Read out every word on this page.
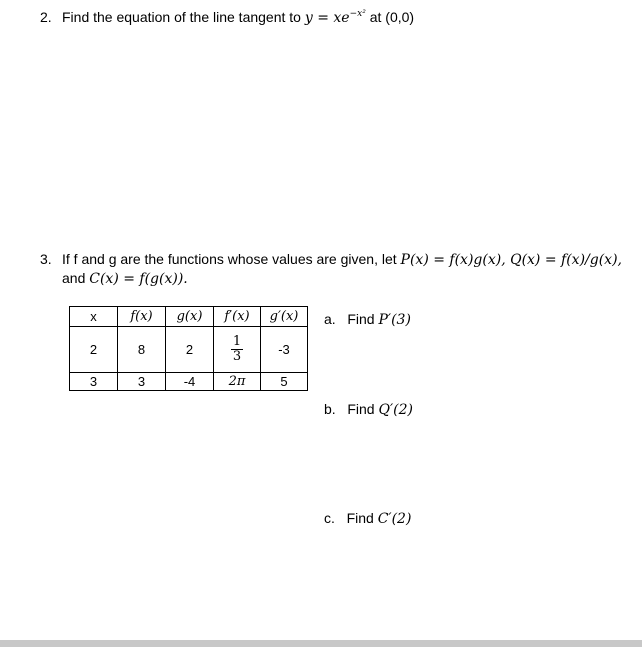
2. Find the equation of the line tangent to $y = xe^{-x^2}$ at (0,0)
3. If f and g are the functions whose values are given, let P(x) = f(x)g(x), Q(x) = f(x)/g(x),
and C(x) = f(g(x)).
x	f(x)	g(x)	f′(x)	g′(x)
2	8	2	$\frac{1}{3}$	-3
3	3	-4	2π	5
a. Find P′(3)
b. Find Q′(2)
c. Find C′(2)
